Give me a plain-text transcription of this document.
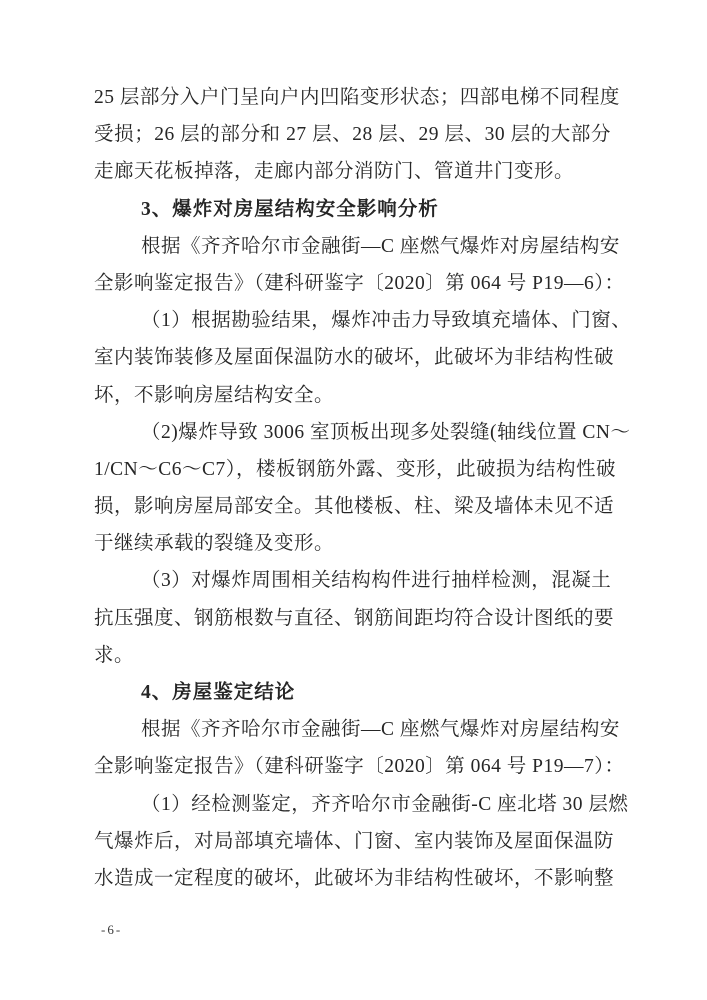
25 层部分入户门呈向户内凹陷变形状态；四部电梯不同程度
受损；26 层的部分和 27 层、28 层、29 层、30 层的大部分
走廊天花板掉落，走廊内部分消防门、管道井门变形。
3、爆炸对房屋结构安全影响分析
根据《齐齐哈尔市金融街—C 座燃气爆炸对房屋结构安
全影响鉴定报告》（建科研鉴字〔2020〕第 064 号 P19—6）：
（1）根据勘验结果，爆炸冲击力导致填充墙体、门窗、
室内装饰装修及屋面保温防水的破坏，此破坏为非结构性破
坏，不影响房屋结构安全。
（2)爆炸导致 3006 室顶板出现多处裂缝(轴线位置 CN～
1/CN～C6～C7），楼板钢筋外露、变形，此破损为结构性破
损，影响房屋局部安全。其他楼板、柱、梁及墙体未见不适
于继续承载的裂缝及变形。
（3）对爆炸周围相关结构构件进行抽样检测，混凝土
抗压强度、钢筋根数与直径、钢筋间距均符合设计图纸的要
求。
4、房屋鉴定结论
根据《齐齐哈尔市金融街—C 座燃气爆炸对房屋结构安
全影响鉴定报告》（建科研鉴字〔2020〕第 064 号 P19—7）：
（1）经检测鉴定，齐齐哈尔市金融街-C 座北塔 30 层燃
气爆炸后，对局部填充墙体、门窗、室内装饰及屋面保温防
水造成一定程度的破坏，此破坏为非结构性破坏，不影响整
-6-
